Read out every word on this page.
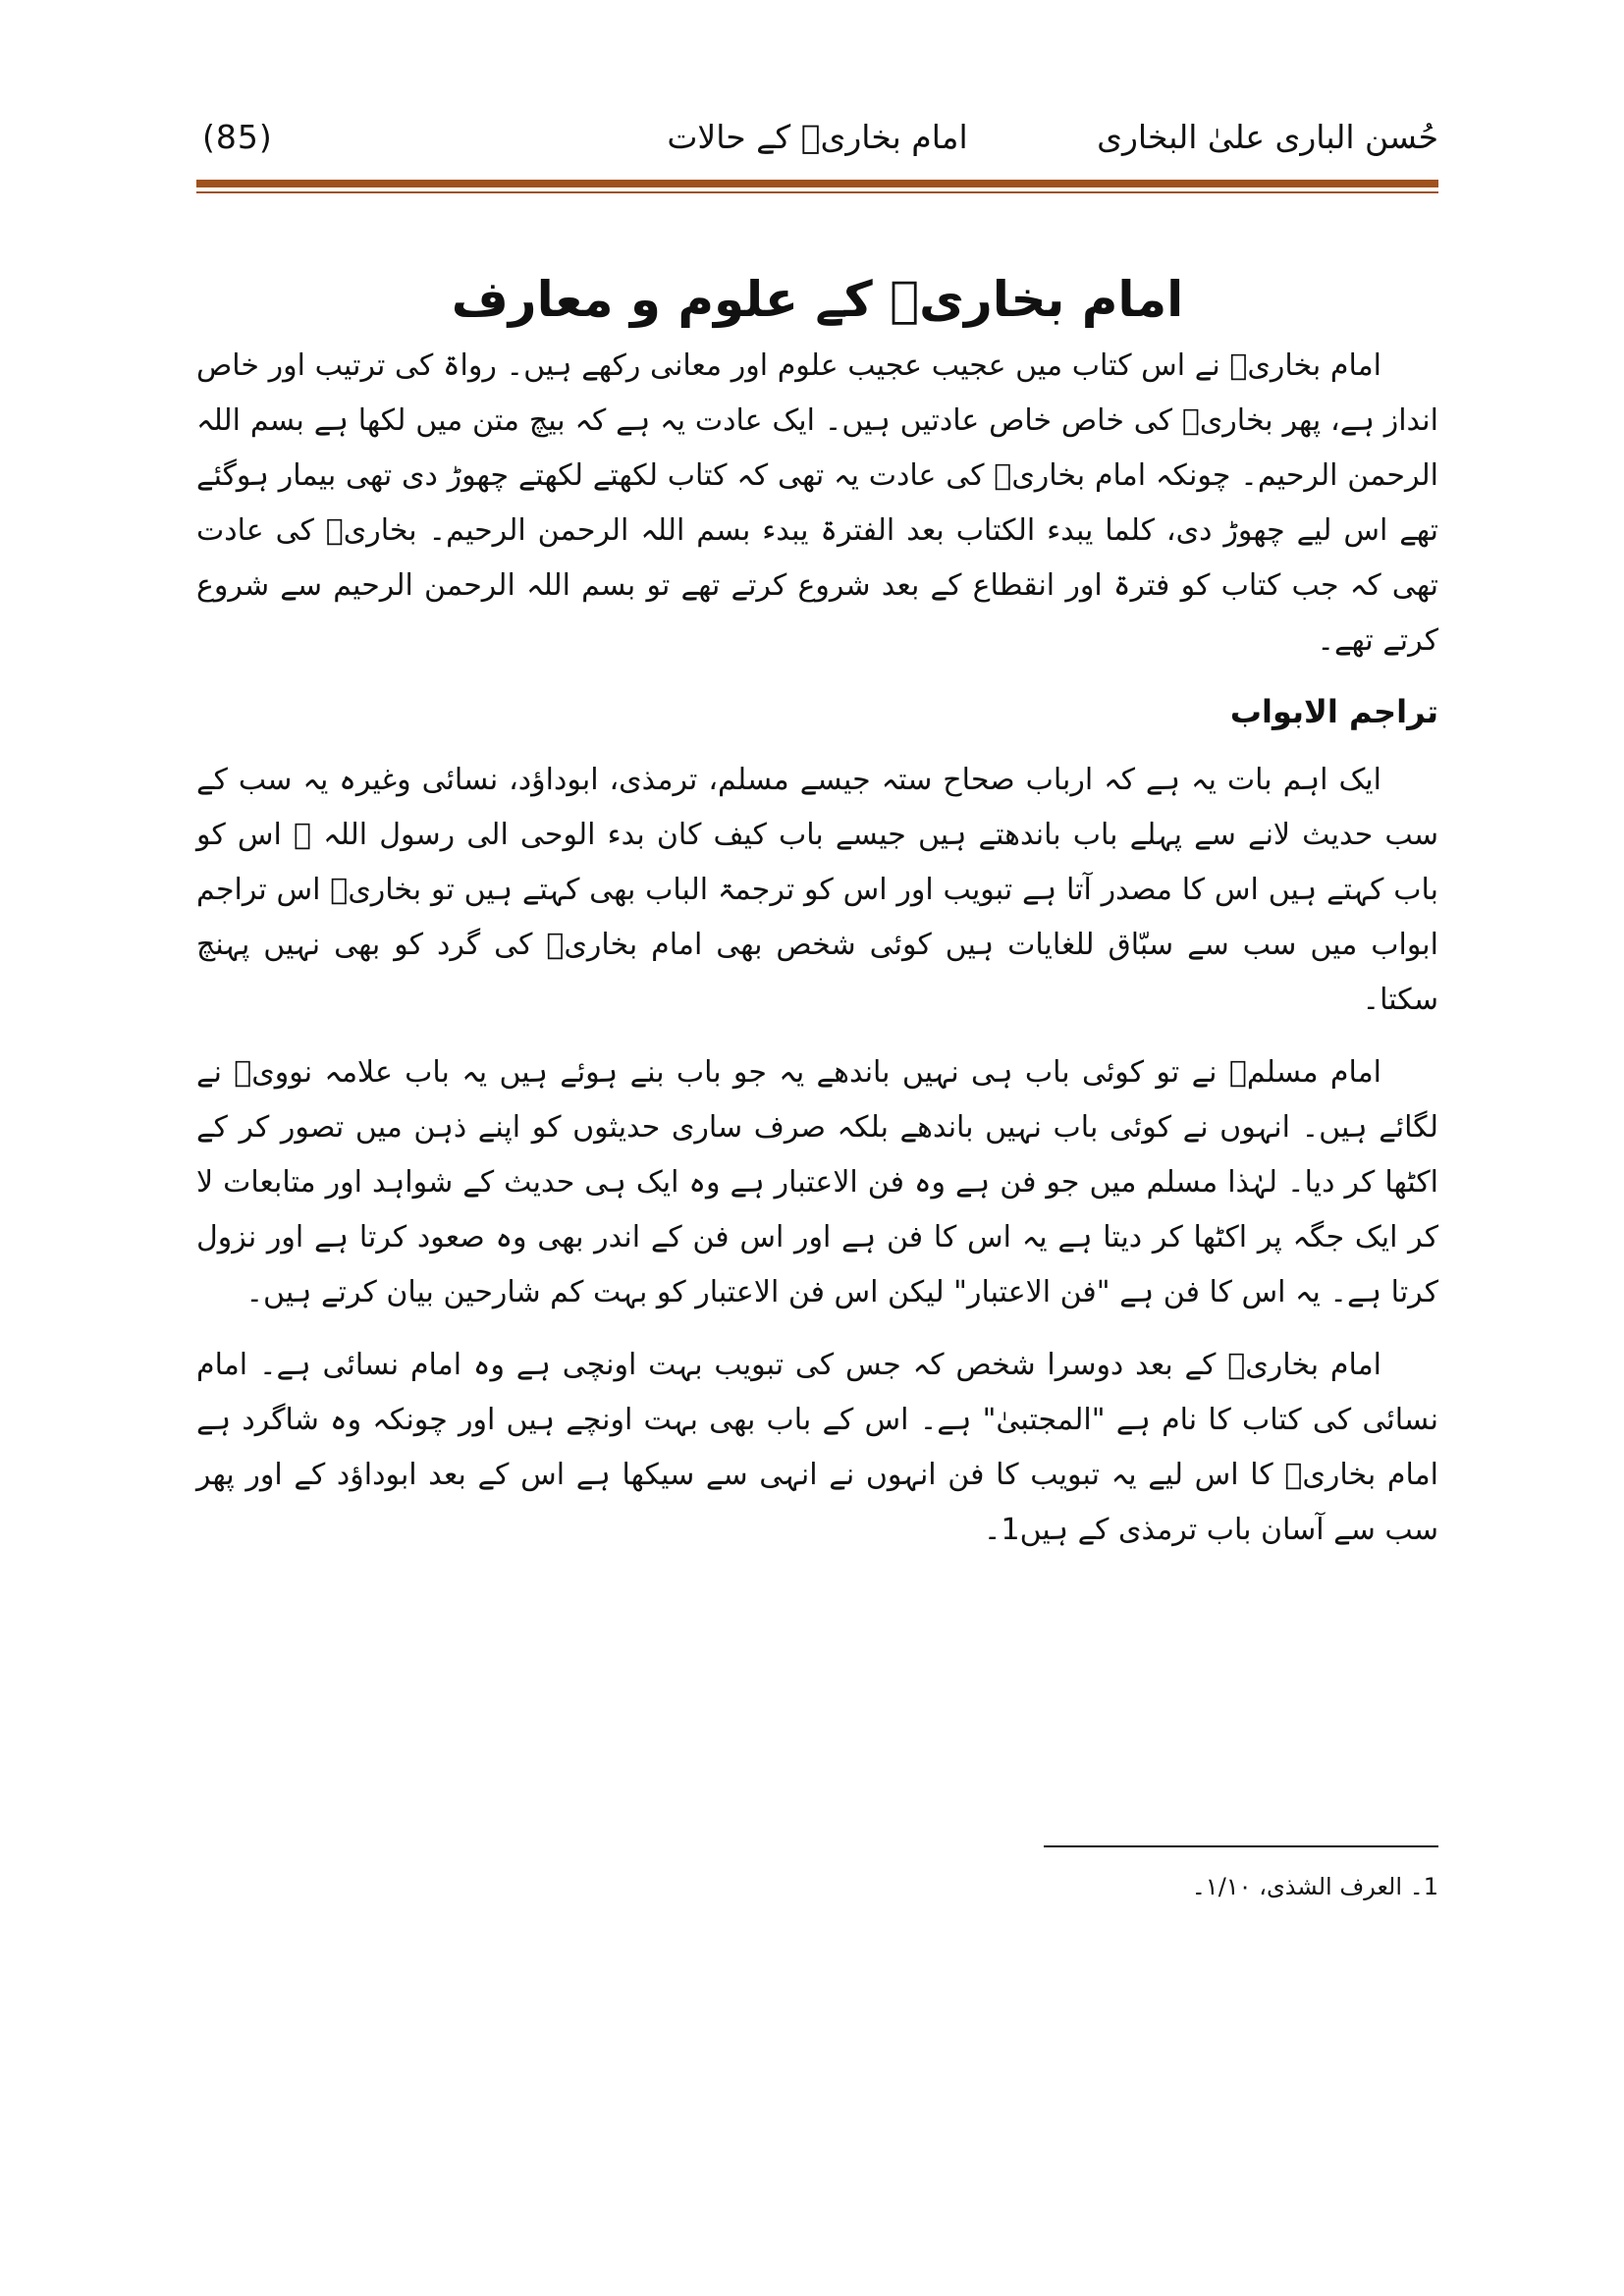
حُسن الباری علیٰ البخاری
امام بخاریؒ کے حالات
(85)
امام بخاریؒ کے علوم و معارف

امام بخاریؒ نے اس کتاب میں عجیب عجیب علوم اور معانی رکھے ہیں۔ رواۃ کی ترتیب اور خاص انداز ہے، پھر بخاریؒ کی خاص خاص عادتیں ہیں۔ ایک عادت یہ ہے کہ بیچ متن میں لکھا ہے بسم اللہ الرحمن الرحیم۔ چونکہ امام بخاریؒ کی عادت یہ تھی کہ کتاب لکھتے لکھتے چھوڑ دی تھی بیمار ہوگئے تھے اس لیے چھوڑ دی، کلما یبدء الکتاب بعد الفترۃ یبدء بسم اللہ الرحمن الرحیم۔ بخاریؒ کی عادت تھی کہ جب کتاب کو فترۃ اور انقطاع کے بعد شروع کرتے تھے تو بسم اللہ الرحمن الرحیم سے شروع کرتے تھے۔

تراجم الابواب

ایک اہم بات یہ ہے کہ ارباب صحاح ستہ جیسے مسلم، ترمذی، ابوداؤد، نسائی وغیرہ یہ سب کے سب حدیث لانے سے پہلے باب باندھتے ہیں جیسے باب کیف کان بدء الوحی الی رسول اللہ ﷺ اس کو باب کہتے ہیں اس کا مصدر آتا ہے تبویب اور اس کو ترجمۃ الباب بھی کہتے ہیں تو بخاریؒ اس تراجم ابواب میں سب سے سبّاق للغایات ہیں کوئی شخص بھی امام بخاریؒ کی گرد کو بھی نہیں پہنچ سکتا۔

امام مسلمؒ نے تو کوئی باب ہی نہیں باندھے یہ جو باب بنے ہوئے ہیں یہ باب علامہ نوویؒ نے لگائے ہیں۔ انہوں نے کوئی باب نہیں باندھے بلکہ صرف ساری حدیثوں کو اپنے ذہن میں تصور کر کے اکٹھا کر دیا۔ لہٰذا مسلم میں جو فن ہے وہ فن الاعتبار ہے وہ ایک ہی حدیث کے شواہد اور متابعات لا کر ایک جگہ پر اکٹھا کر دیتا ہے یہ اس کا فن ہے اور اس فن کے اندر بھی وہ صعود کرتا ہے اور نزول کرتا ہے۔ یہ اس کا فن ہے "فن الاعتبار" لیکن اس فن الاعتبار کو بہت کم شارحین بیان کرتے ہیں۔

امام بخاریؒ کے بعد دوسرا شخص کہ جس کی تبویب بہت اونچی ہے وہ امام نسائی ہے۔ امام نسائی کی کتاب کا نام ہے "المجتبیٰ" ہے۔ اس کے باب بھی بہت اونچے ہیں اور چونکہ وہ شاگرد ہے امام بخاریؒ کا اس لیے یہ تبویب کا فن انہوں نے انہی سے سیکھا ہے اس کے بعد ابوداؤد کے اور پھر سب سے آسان باب ترمذی کے ہیں1۔

1۔ العرف الشذی، ۱/۱۰۔
